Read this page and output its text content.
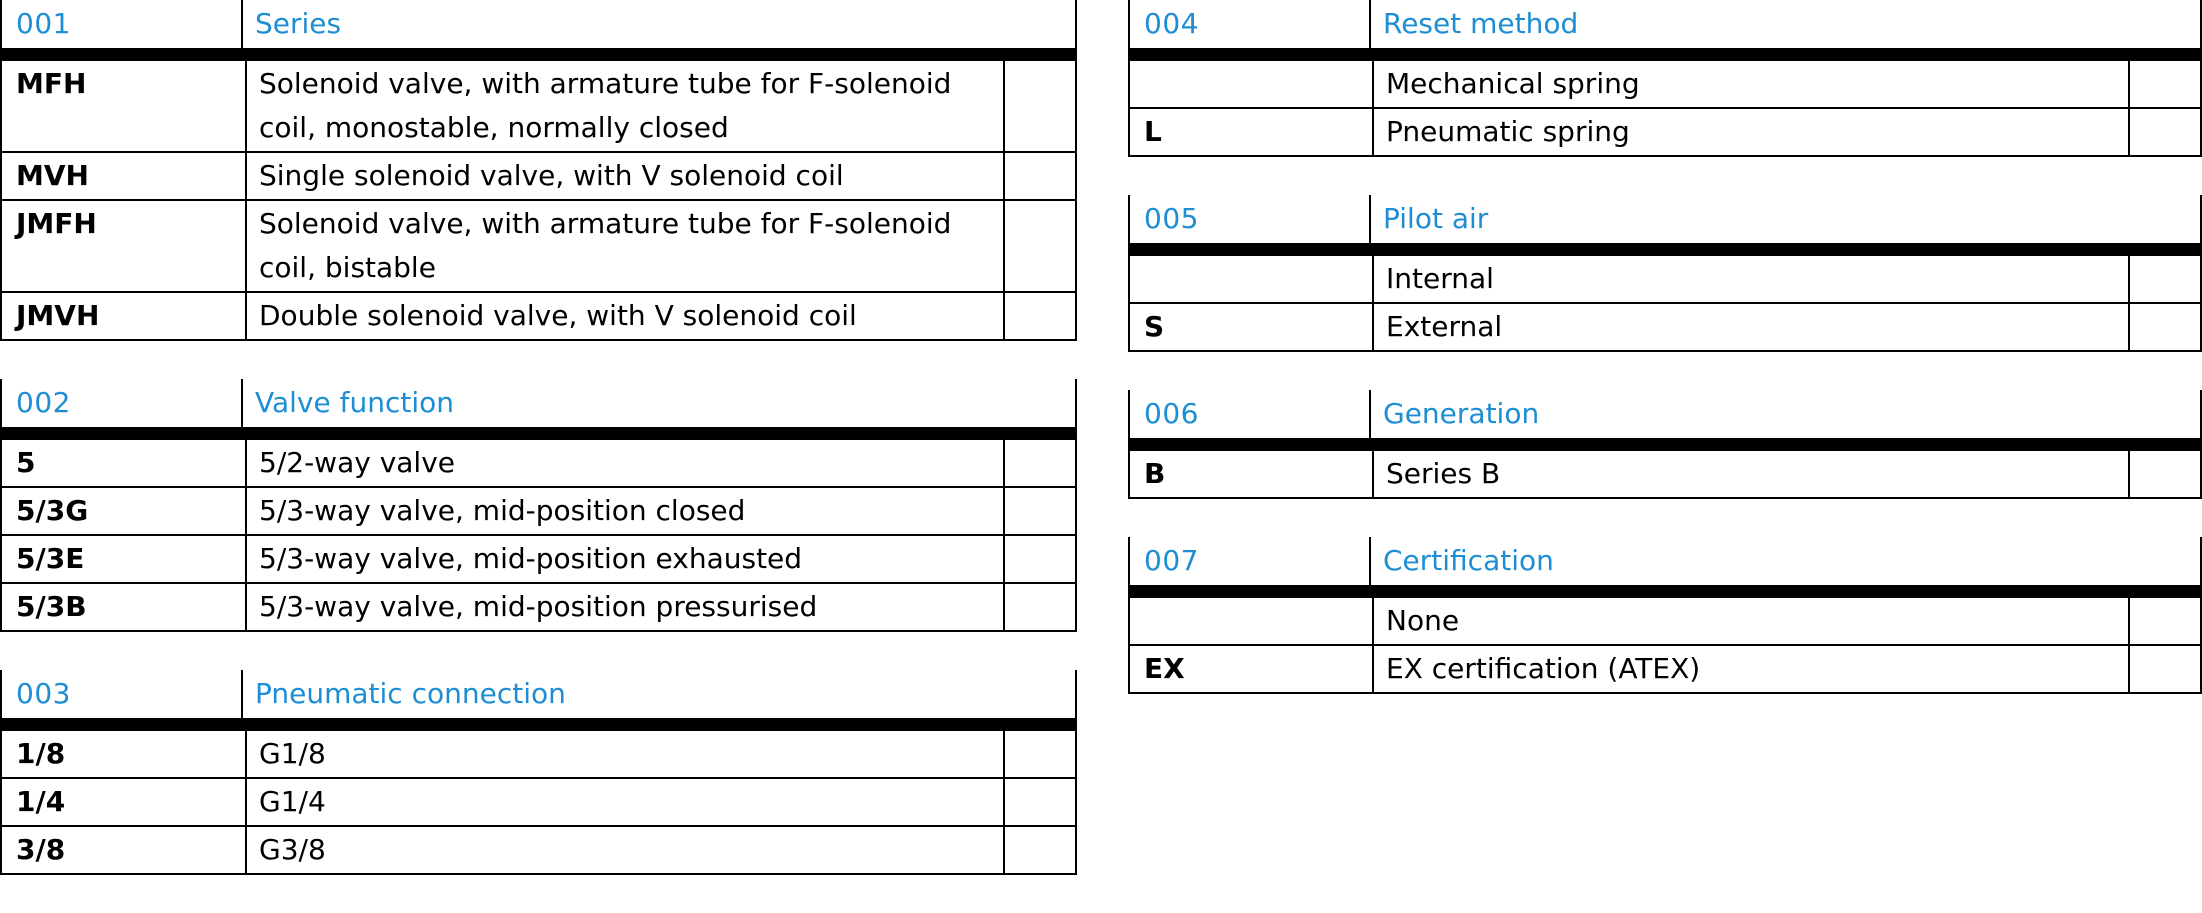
001	Series
MFH	Solenoid valve, with armature tube for F-solenoid coil, monostable, normally closed	
MVH	Single solenoid valve, with V solenoid coil	
JMFH	Solenoid valve, with armature tube for F-solenoid coil, bistable	
JMVH	Double solenoid valve, with V solenoid coil	
002	Valve function
5	5/2-way valve	
5/3G	5/3-way valve, mid-position closed	
5/3E	5/3-way valve, mid-position exhausted	
5/3B	5/3-way valve, mid-position pressurised	
003	Pneumatic connection
1/8	G1/8	
1/4	G1/4	
3/8	G3/8	
004	Reset method
	Mechanical spring	
L	Pneumatic spring	
005	Pilot air
	Internal	
S	External	
006	Generation
B	Series B	
007	Certification
	None	
EX	EX certification (ATEX)	
